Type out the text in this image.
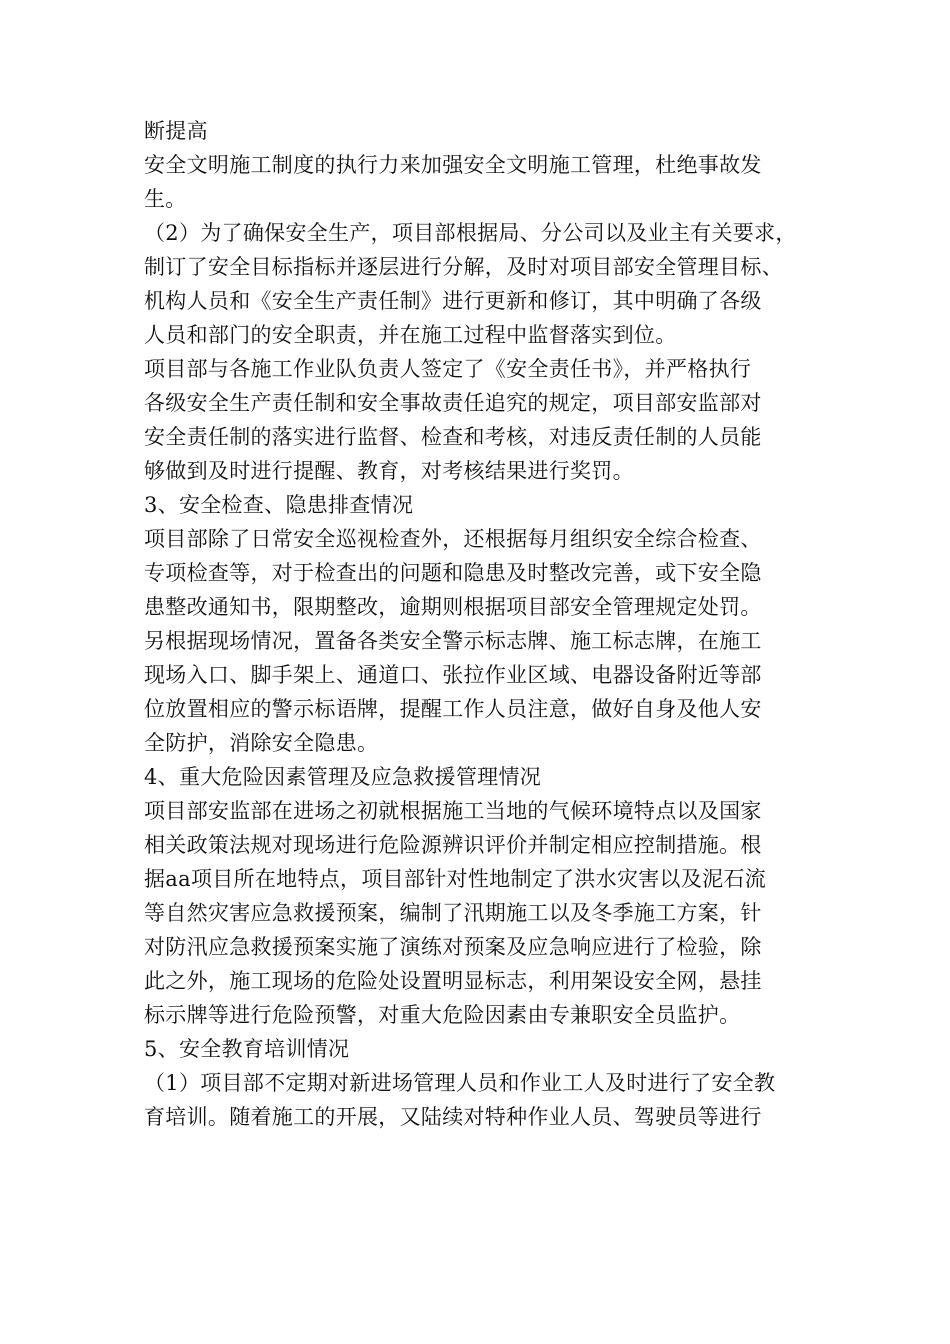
断提高
安全文明施工制度的执行力来加强安全文明施工管理，杜绝事故发
生。
（2）为了确保安全生产，项目部根据局、分公司以及业主有关要求，
制订了安全目标指标并逐层进行分解，及时对项目部安全管理目标、
机构人员和《安全生产责任制》进行更新和修订，其中明确了各级
人员和部门的安全职责，并在施工过程中监督落实到位。
项目部与各施工作业队负责人签定了《安全责任书》，并严格执行
各级安全生产责任制和安全事故责任追究的规定，项目部安监部对
安全责任制的落实进行监督、检查和考核，对违反责任制的人员能
够做到及时进行提醒、教育，对考核结果进行奖罚。
3、安全检查、隐患排查情况
项目部除了日常安全巡视检查外，还根据每月组织安全综合检查、
专项检查等，对于检查出的问题和隐患及时整改完善，或下安全隐
患整改通知书，限期整改，逾期则根据项目部安全管理规定处罚。
另根据现场情况，置备各类安全警示标志牌、施工标志牌，在施工
现场入口、脚手架上、通道口、张拉作业区域、电器设备附近等部
位放置相应的警示标语牌，提醒工作人员注意，做好自身及他人安
全防护，消除安全隐患。
4、重大危险因素管理及应急救援管理情况
项目部安监部在进场之初就根据施工当地的气候环境特点以及国家
相关政策法规对现场进行危险源辨识评价并制定相应控制措施。根
据aa项目所在地特点，项目部针对性地制定了洪水灾害以及泥石流
等自然灾害应急救援预案，编制了汛期施工以及冬季施工方案，针
对防汛应急救援预案实施了演练对预案及应急响应进行了检验，除
此之外，施工现场的危险处设置明显标志，利用架设安全网，悬挂
标示牌等进行危险预警，对重大危险因素由专兼职安全员监护。
5、安全教育培训情况
（1）项目部不定期对新进场管理人员和作业工人及时进行了安全教
育培训。随着施工的开展，又陆续对特种作业人员、驾驶员等进行
